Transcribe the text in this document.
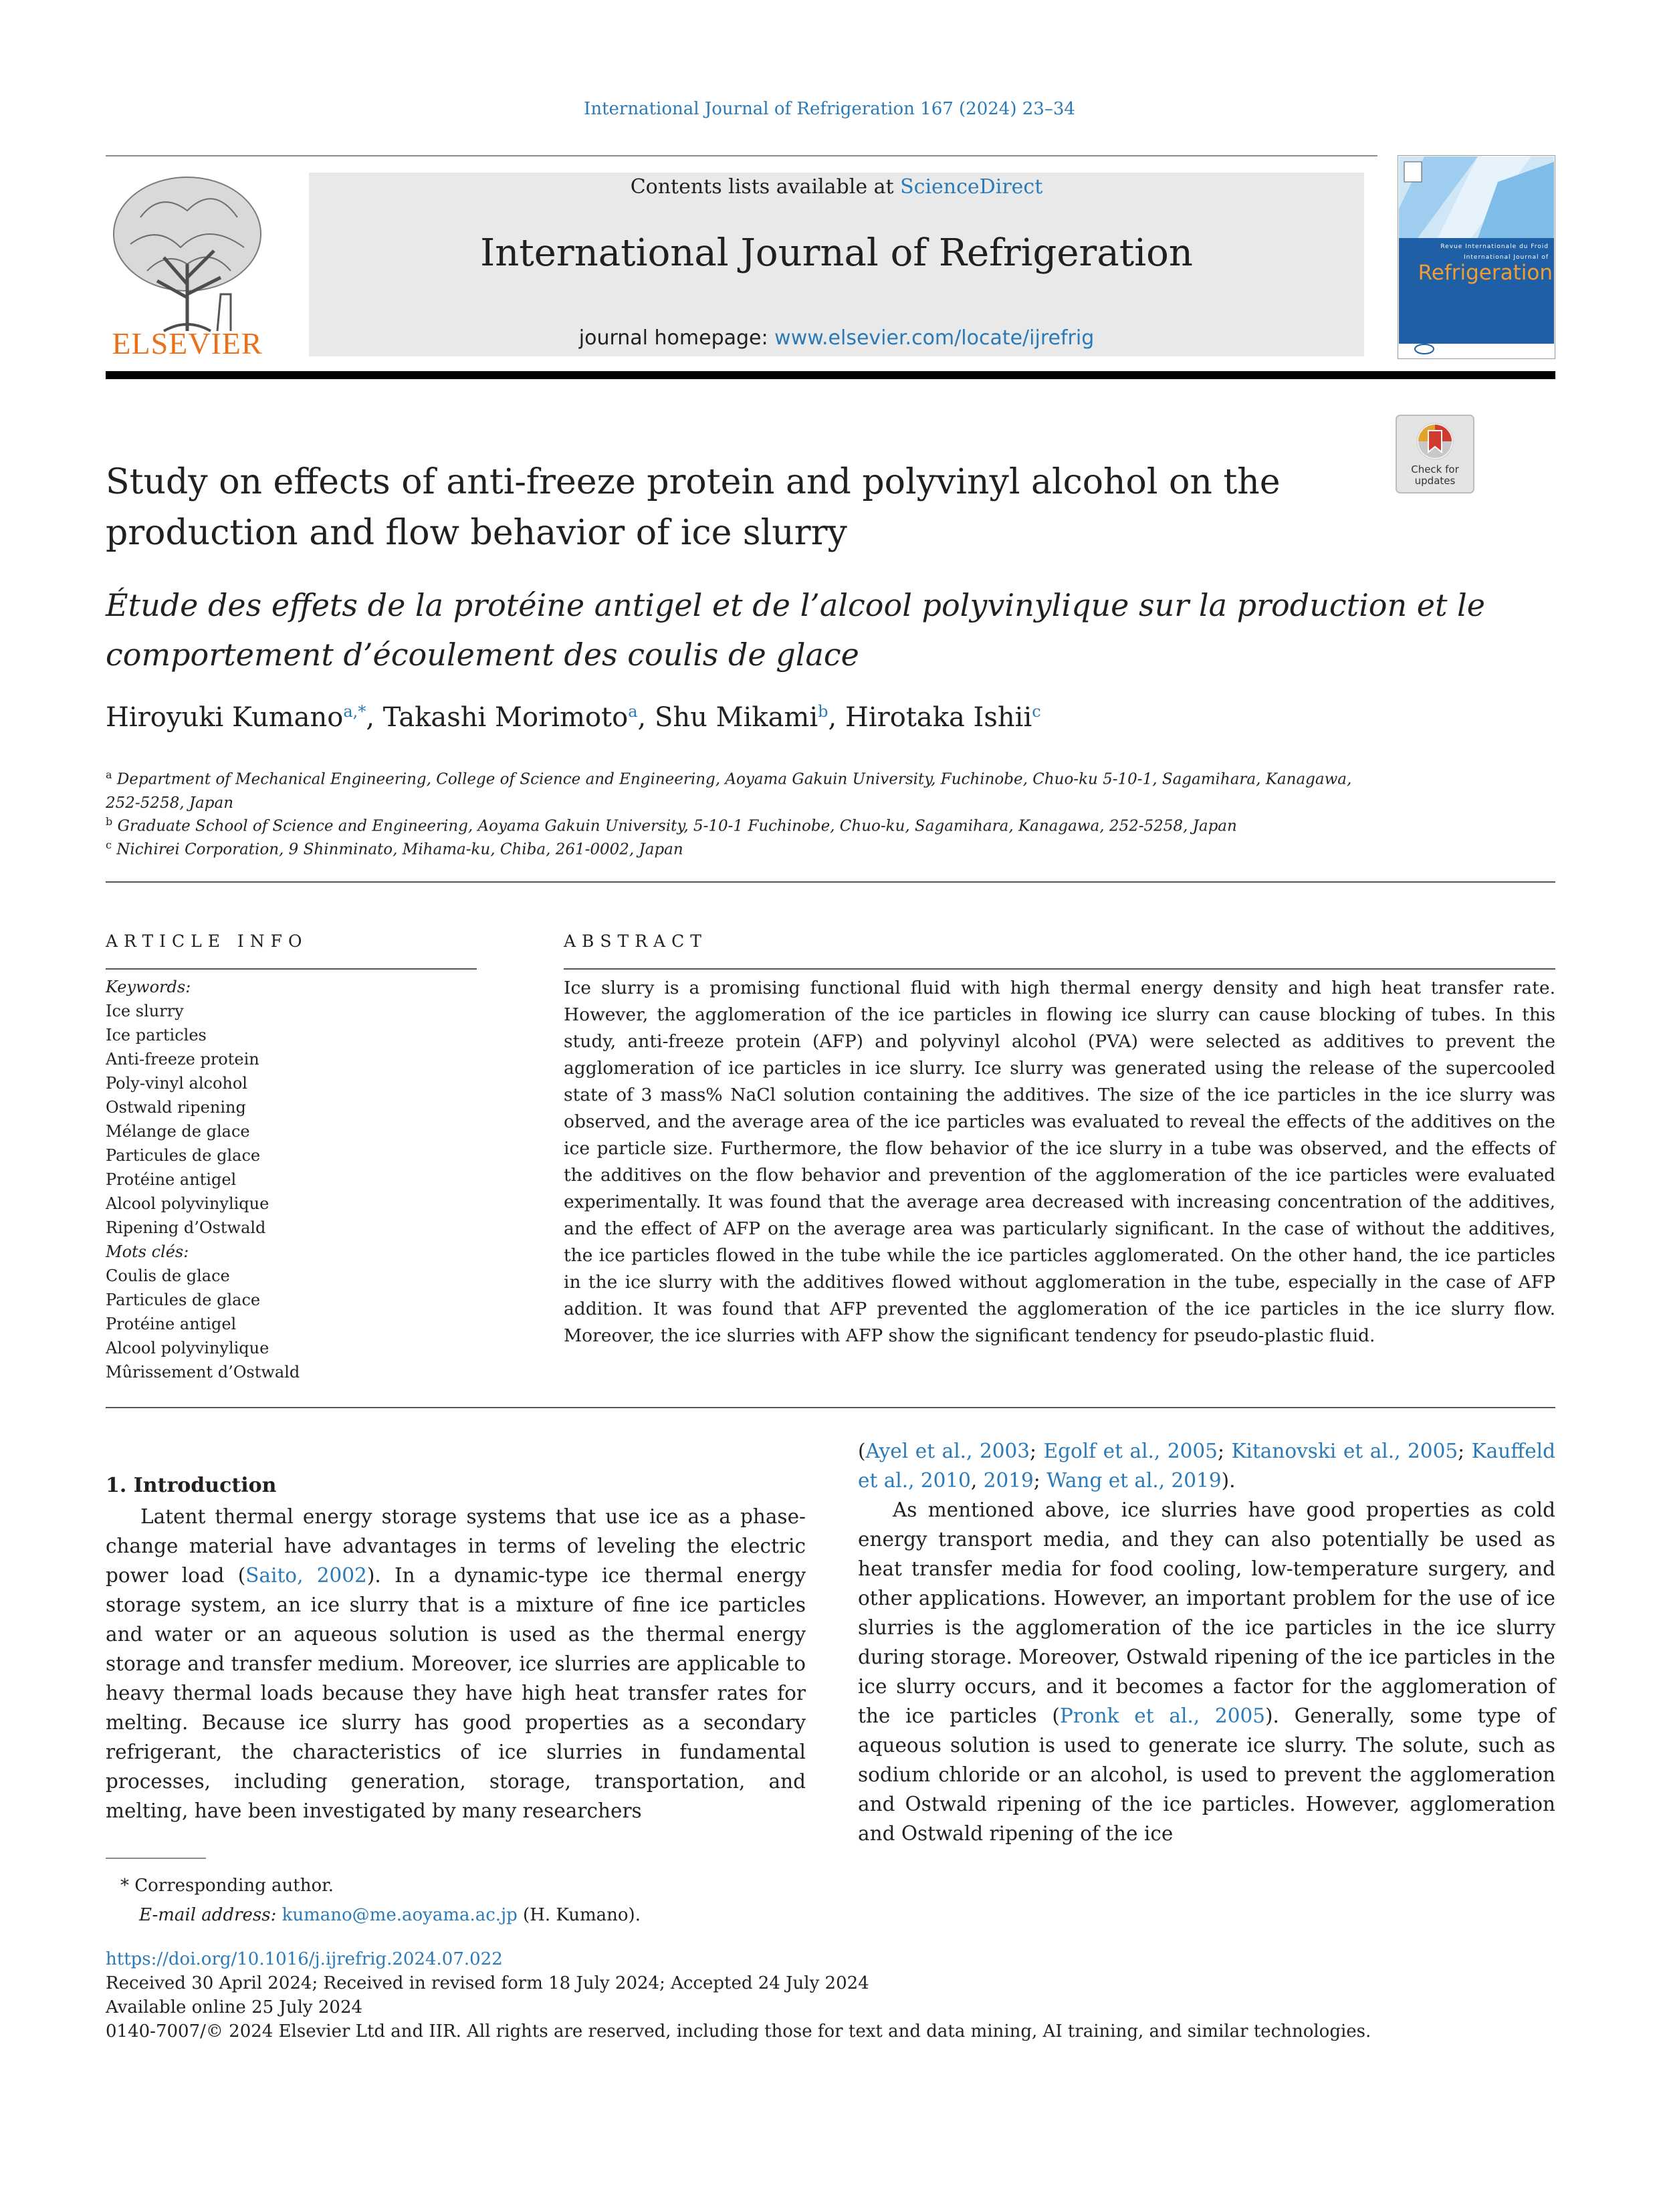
International Journal of Refrigeration 167 (2024) 23–34
ELSEVIER
Contents lists available at ScienceDirect
International Journal of Refrigeration
journal homepage: www.elsevier.com/locate/ijrefrig
Revue Internationale du Froid
International Journal of
Refrigeration
Study on effects of anti-freeze protein and polyvinyl alcohol on the production and flow behavior of ice slurry
Check for updates
Étude des effets de la protéine antigel et de l’alcool polyvinylique sur la production et le comportement d’écoulement des coulis de glace
Hiroyuki Kumano$^{a,*}$, Takashi Morimoto$^a$, Shu Mikami$^b$, Hirotaka Ishii$^c$
$^a$ Department of Mechanical Engineering, College of Science and Engineering, Aoyama Gakuin University, Fuchinobe, Chuo-ku 5-10-1, Sagamihara, Kanagawa, 252-5258, Japan
$^b$ Graduate School of Science and Engineering, Aoyama Gakuin University, 5-10-1 Fuchinobe, Chuo-ku, Sagamihara, Kanagawa, 252-5258, Japan
$^c$ Nichirei Corporation, 9 Shinminato, Mihama-ku, Chiba, 261-0002, Japan
ARTICLE INFO	ABSTRACT
Keywords:
Ice slurry
Ice particles
Anti-freeze protein
Poly-vinyl alcohol
Ostwald ripening
Mélange de glace
Particules de glace
Protéine antigel
Alcool polyvinylique
Ripening d’Ostwald
Mots clés:
Coulis de glace
Particules de glace
Protéine antigel
Alcool polyvinylique
Mûrissement d’Ostwald
Ice slurry is a promising functional fluid with high thermal energy density and high heat transfer rate. However, the agglomeration of the ice particles in flowing ice slurry can cause blocking of tubes. In this study, anti-freeze protein (AFP) and polyvinyl alcohol (PVA) were selected as additives to prevent the agglomeration of ice particles in ice slurry. Ice slurry was generated using the release of the supercooled state of 3 mass% NaCl solution containing the additives. The size of the ice particles in the ice slurry was observed, and the average area of the ice particles was evaluated to reveal the effects of the additives on the ice particle size. Furthermore, the flow behavior of the ice slurry in a tube was observed, and the effects of the additives on the flow behavior and prevention of the agglomeration of the ice particles were evaluated experimentally. It was found that the average area decreased with increasing concentration of the additives, and the effect of AFP on the average area was particularly significant. In the case of without the additives, the ice particles flowed in the tube while the ice particles agglomerated. On the other hand, the ice particles in the ice slurry with the additives flowed without agglomeration in the tube, especially in the case of AFP addition. It was found that AFP prevented the agglomeration of the ice particles in the ice slurry flow. Moreover, the ice slurries with AFP show the significant tendency for pseudo-plastic fluid.
1. Introduction

Latent thermal energy storage systems that use ice as a phase-change material have advantages in terms of leveling the electric power load (Saito, 2002). In a dynamic-type ice thermal energy storage system, an ice slurry that is a mixture of fine ice particles and water or an aqueous solution is used as the thermal energy storage and transfer medium. Moreover, ice slurries are applicable to heavy thermal loads because they have high heat transfer rates for melting. Because ice slurry has good properties as a secondary refrigerant, the characteristics of ice slurries in fundamental processes, including generation, storage, transportation, and melting, have been investigated by many researchers

(Ayel et al., 2003; Egolf et al., 2005; Kitanovski et al., 2005; Kauffeld et al., 2010, 2019; Wang et al., 2019).

As mentioned above, ice slurries have good properties as cold energy transport media, and they can also potentially be used as heat transfer media for food cooling, low-temperature surgery, and other applications. However, an important problem for the use of ice slurries is the agglomeration of the ice particles in the ice slurry during storage. Moreover, Ostwald ripening of the ice particles in the ice slurry occurs, and it becomes a factor for the agglomeration of the ice particles (Pronk et al., 2005). Generally, some type of aqueous solution is used to generate ice slurry. The solute, such as sodium chloride or an alcohol, is used to prevent the agglomeration and Ostwald ripening of the ice particles. However, agglomeration and Ostwald ripening of the ice

* Corresponding author.
E-mail address: kumano@me.aoyama.ac.jp (H. Kumano).
https://doi.org/10.1016/j.ijrefrig.2024.07.022
Received 30 April 2024; Received in revised form 18 July 2024; Accepted 24 July 2024
Available online 25 July 2024
0140-7007/© 2024 Elsevier Ltd and IIR. All rights are reserved, including those for text and data mining, AI training, and similar technologies.
